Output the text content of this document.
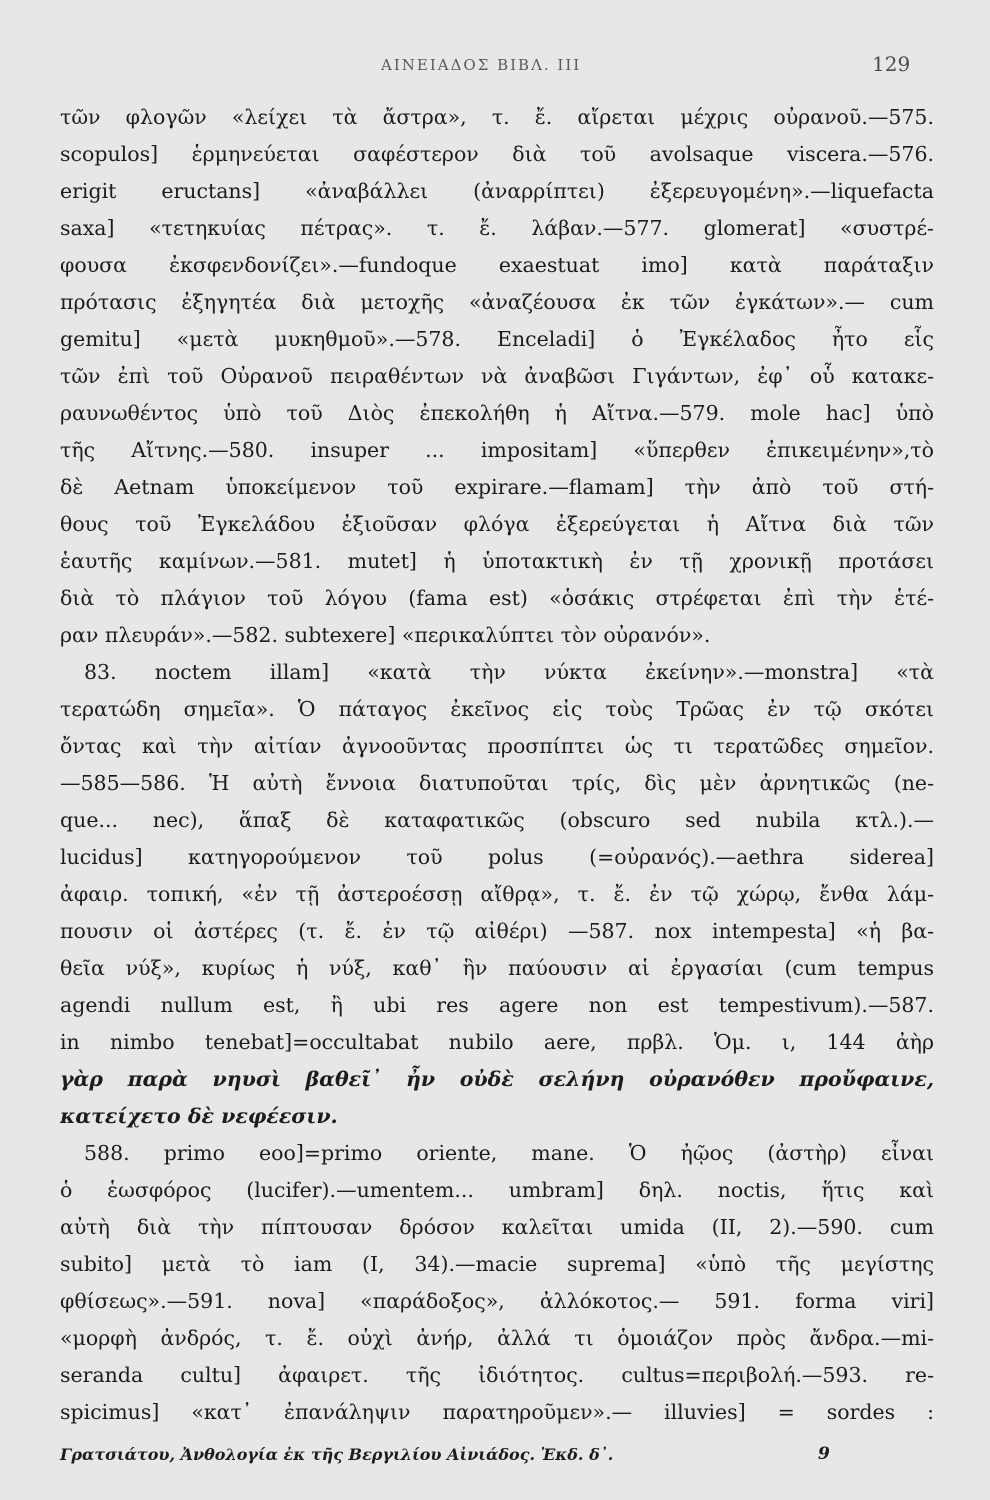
ΑΙΝΕΙΑΔΟΣ ΒΙΒΛ. ΙΙΙ	129
τῶν φλογῶν «λείχει τὰ ἄστρα», τ. ἔ. αἴρεται μέχρις οὐρανοῦ.—575.
scopulos] ἑρμηνεύεται σαφέστερον διὰ τοῦ avolsaque viscera.—576.
erigit eructans] «ἀναβάλλει (ἀναρρίπτει) ἐξερευγομένη».—liquefacta
saxa] «τετηκυίας πέτρας». τ. ἔ. λάβαν.—577. glomerat] «συστρέ-
φουσα ἐκσφενδονίζει».—fundoque exaestuat imo] κατὰ παράταξιν
πρότασις ἐξηγητέα διὰ μετοχῆς «ἀναζέουσα ἐκ τῶν ἐγκάτων».— cum
gemitu] «μετὰ μυκηθμοῦ».—578. Enceladi] ὁ Ἐγκέλαδος ἦτο εἷς
τῶν ἐπὶ τοῦ Οὐρανοῦ πειραθέντων νὰ ἀναβῶσι Γιγάντων, ἐφ᾽ οὗ κατακε-
ραυνωθέντος ὑπὸ τοῦ Διὸς ἐπεκολήθη ἡ Αἴτνα.—579. mole hac] ὑπὸ
τῆς Αἴτνης.—580. insuper ... impositam] «ὕπερθεν ἐπικειμένην»,τὸ
δὲ Aetnam ὑποκείμενον τοῦ expirare.—flamam] τὴν ἀπὸ τοῦ στή-
θους τοῦ Ἐγκελάδου ἐξιοῦσαν φλόγα ἐξερεύγεται ἡ Αἴτνα διὰ τῶν
ἑαυτῆς καμίνων.—581. mutet] ἡ ὑποτακτικὴ ἐν τῇ χρονικῇ προτάσει
διὰ τὸ πλάγιον τοῦ λόγου (fama est) «ὁσάκις στρέφεται ἐπὶ τὴν ἑτέ-
ραν πλευράν».—582. subtexere] «περικαλύπτει τὸν οὐρανόν».
83. noctem illam] «κατὰ τὴν νύκτα ἐκείνην».—monstra] «τὰ
τερατώδη σημεῖα». Ὁ πάταγος ἐκεῖνος εἰς τοὺς Τρῶας ἐν τῷ σκότει
ὄντας καὶ τὴν αἰτίαν ἀγνοοῦντας προσπίπτει ὡς τι τερατῶδες σημεῖον.
—585—586. Ἡ αὐτὴ ἔννοια διατυποῦται τρίς, δὶς μὲν ἀρνητικῶς (ne-
que... nec), ἅπαξ δὲ καταφατικῶς (obscuro sed nubila κτλ.).—
lucidus] κατηγορούμενον τοῦ polus (=οὐρανός).—aethra siderea]
ἀφαιρ. τοπική, «ἐν τῇ ἀστεροέσσῃ αἴθρᾳ», τ. ἔ. ἐν τῷ χώρῳ, ἔνθα λάμ-
πουσιν οἱ ἀστέρες (τ. ἔ. ἐν τῷ αἰθέρι) —587. nox intempesta] «ἡ βα-
θεῖα νύξ», κυρίως ἡ νύξ, καθ᾽ ἣν παύουσιν αἱ ἐργασίαι (cum tempus
agendi nullum est, ἢ ubi res agere non est tempestivum).—587.
in nimbo tenebat]=occultabat nubilo aere, πρβλ. Ὁμ. ι, 144 ἀὴρ
γὰρ παρὰ νηυσὶ βαθεῖ᾽ ἦν οὐδὲ σελήνη οὐρανόθεν προὔφαινε,
κατείχετο δὲ νεφέεσιν.
588. primo eoo]=primo oriente, mane. Ὁ ἠῷος (ἀστὴρ) εἶναι
ὁ ἑωσφόρος (lucifer).—umentem... umbram] δηλ. noctis, ἥτις καὶ
αὐτὴ διὰ τὴν πίπτουσαν δρόσον καλεῖται umida (II, 2).—590. cum
subito] μετὰ τὸ iam (I, 34).—macie suprema] «ὑπὸ τῆς μεγίστης
φθίσεως».—591. nova] «παράδοξος», ἀλλόκοτος.— 591. forma viri]
«μορφὴ ἀνδρός, τ. ἔ. οὐχὶ ἀνήρ, ἀλλά τι ὁμοιάζον πρὸς ἄνδρα.—mi-
seranda cultu] ἀφαιρετ. τῆς ἰδιότητος. cultus=περιβολή.—593. re-
spicimus] «κατ᾽ ἐπανάληψιν παρατηροῦμεν».— illuvies] = sordes :
Γρατσιάτου, Ἀνθολογία ἐκ τῆς Βεργιλίου Αἰνιάδος. Ἐκδ. δ᾽.	9
